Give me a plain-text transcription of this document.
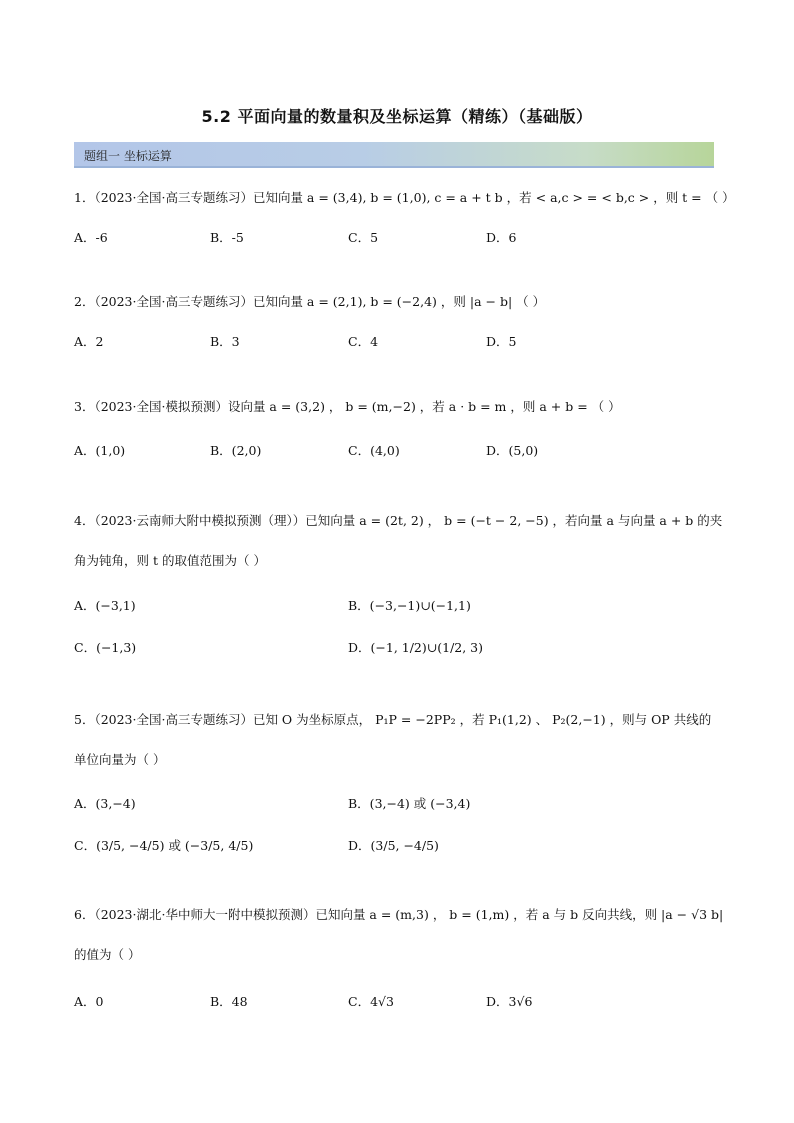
5.2 平面向量的数量积及坐标运算（精练）（基础版）
题组一 坐标运算
1．（2023·全国·高三专题练习）已知向量 a = (3,4), b = (1,0), c = a + t b ，若 < a,c > = < b,c > ，则 t = （ ）
A．-6	B．-5	C．5	D．6
2．（2023·全国·高三专题练习）已知向量 a = (2,1), b = (−2,4) ，则 |a − b| （ ）
A．2	B．3	C．4	D．5
3．（2023·全国·模拟预测）设向量 a = (3,2) ， b = (m,−2) ，若 a · b = m ，则 a + b = （ ）
A．(1,0)	B．(2,0)	C．(4,0)	D．(5,0)
4．（2023·云南师大附中模拟预测（理））已知向量 a = (2t, 2) ， b = (−t − 2, −5) ，若向量 a 与向量 a + b 的夹
角为钝角，则 t 的取值范围为（ ）
A．(−3,1)	B．(−3,−1)∪(−1,1)
C．(−1,3)	D．(−1, 1/2)∪(1/2, 3)
5．（2023·全国·高三专题练习）已知 O 为坐标原点， P₁P = −2PP₂ ，若 P₁(1,2) 、 P₂(2,−1) ，则与 OP 共线的
单位向量为（ ）
A．(3,−4)	B．(3,−4) 或 (−3,4)
C．(3/5, −4/5) 或 (−3/5, 4/5)	D．(3/5, −4/5)
6．（2023·湖北·华中师大一附中模拟预测）已知向量 a = (m,3) ， b = (1,m) ，若 a 与 b 反向共线，则 |a − √3 b|
的值为（ ）
A．0	B．48	C．4√3	D．3√6
